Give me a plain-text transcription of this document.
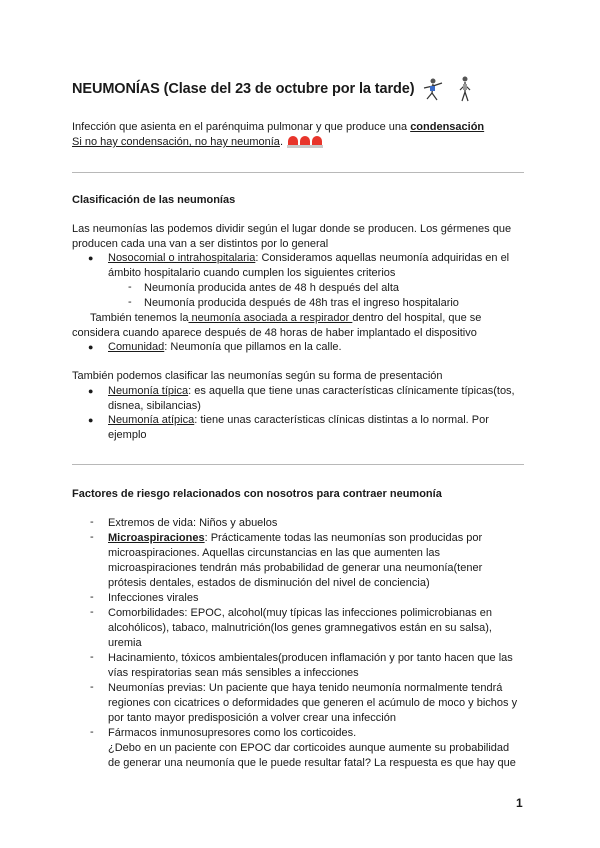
NEUMONÍAS (Clase del 23 de octubre por la tarde)
Infección que asienta en el parénquima pulmonar y que produce una condensación
Si no hay condensación, no hay neumonía.
Clasificación de las neumonías
Las neumonías las podemos dividir según el lugar donde se producen. Los gérmenes que
producen cada una van a ser distintos por lo general
● Nosocomial o intrahospitalaria: Consideramos aquellas neumonía adquiridas en el
ámbito hospitalario cuando cumplen los siguientes criterios
- Neumonía producida antes de 48 h después del alta
- Neumonía producida después de 48h tras el ingreso hospitalario
También tenemos la neumonía asociada a respirador dentro del hospital, que se
considera cuando aparece después de 48 horas de haber implantado el dispositivo
● Comunidad: Neumonía que pillamos en la calle.
También podemos clasificar las neumonías según su forma de presentación
● Neumonía típica: es aquella que tiene unas características clínicamente típicas(tos,
disnea, sibilancias)
● Neumonía atípica: tiene unas características clínicas distintas a lo normal. Por
ejemplo
Factores de riesgo relacionados con nosotros para contraer neumonía
- Extremos de vida: Niños y abuelos
- Microaspiraciones: Prácticamente todas las neumonías son producidas por
microaspiraciones. Aquellas circunstancias en las que aumenten las
microaspiraciones tendrán más probabilidad de generar una neumonía(tener
prótesis dentales, estados de disminución del nivel de conciencia)
- Infecciones virales
- Comorbilidades: EPOC, alcohol(muy típicas las infecciones polimicrobianas en
alcohólicos), tabaco, malnutrición(los genes gramnegativos están en su salsa),
uremia
- Hacinamiento, tóxicos ambientales(producen inflamación y por tanto hacen que las
vías respiratorias sean más sensibles a infecciones
- Neumonías previas: Un paciente que haya tenido neumonía normalmente tendrá
regiones con cicatrices o deformidades que generen el acúmulo de moco y bichos y
por tanto mayor predisposición a volver crear una infección
- Fármacos inmunosupresores como los corticoides.
¿Debo en un paciente con EPOC dar corticoides aunque aumente su probabilidad
de generar una neumonía que le puede resultar fatal? La respuesta es que hay que
1
